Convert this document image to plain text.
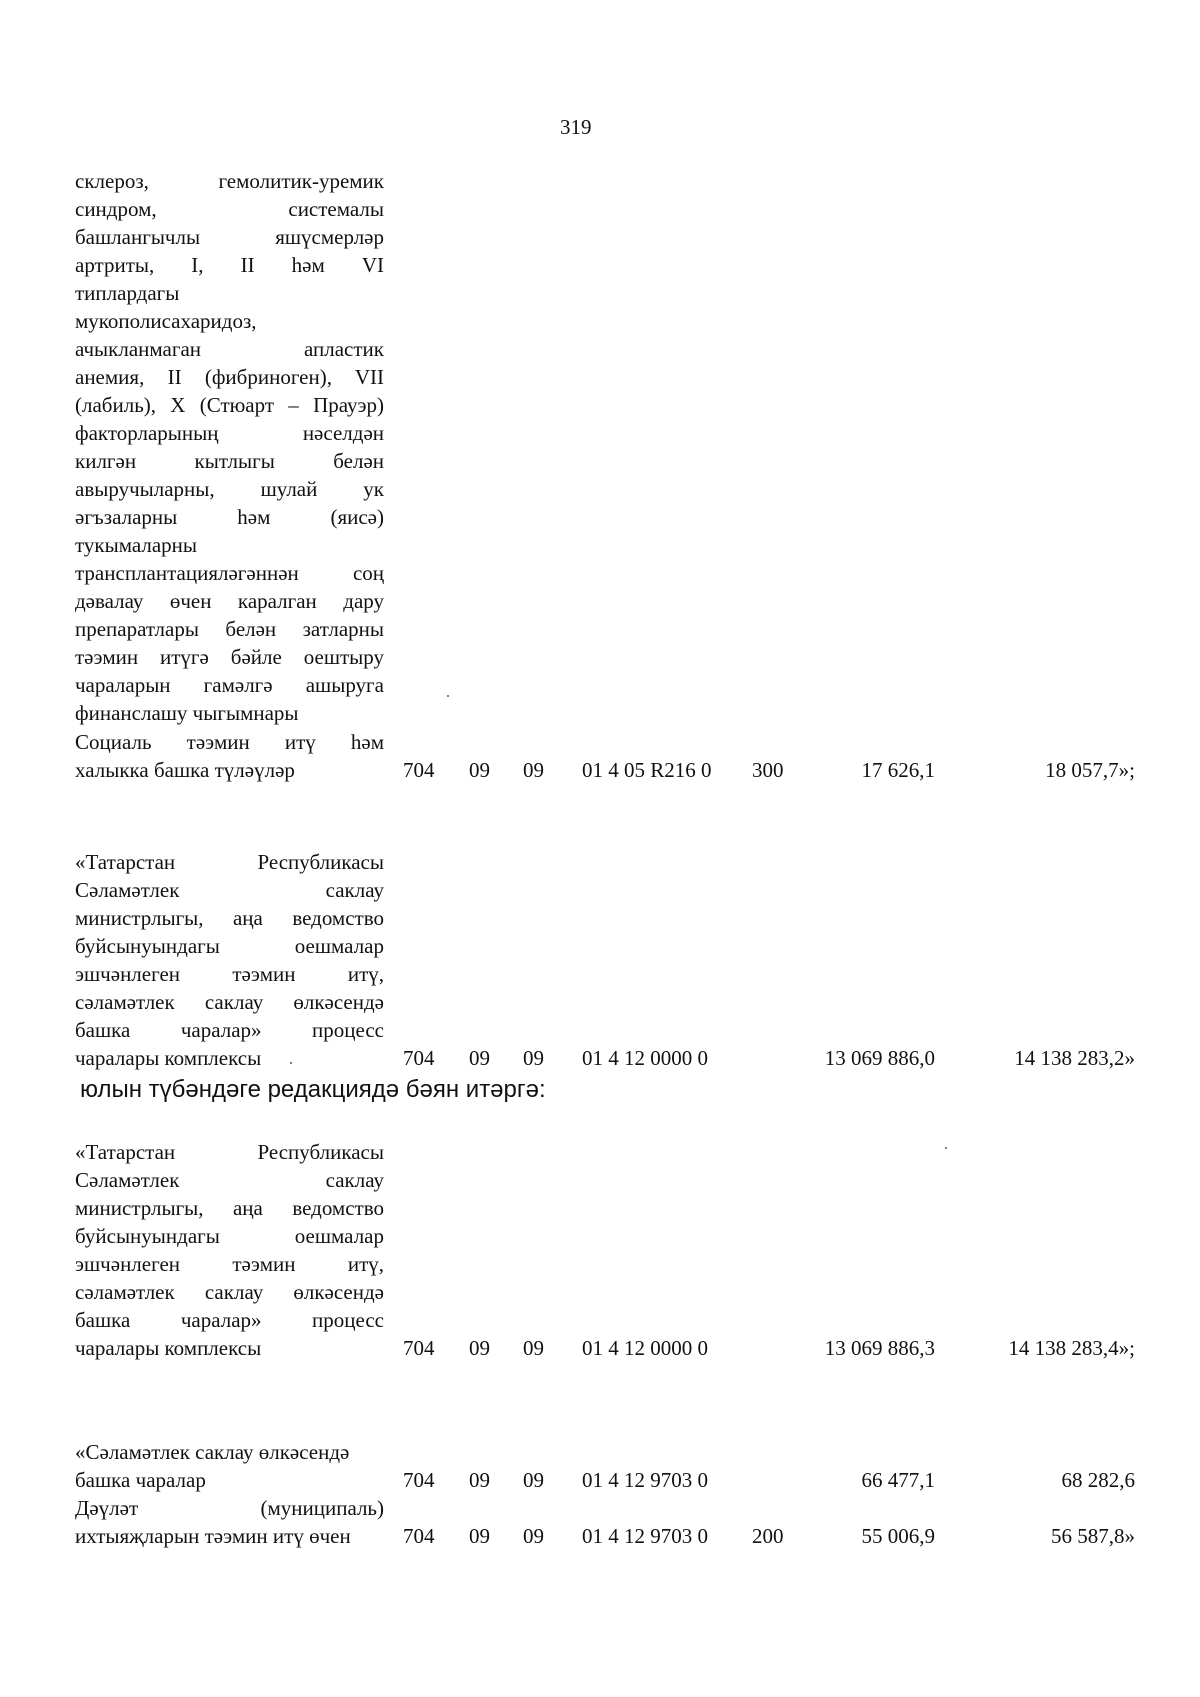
319
склероз, гемолитик-уремик
синдром, системалы
башлангычлы яшүсмерләр
артриты, I, II һәм VI
типлардагы
мукополисахаридоз,
ачыкланмаган апластик
анемия, II (фибриноген), VII
(лабиль), X (Стюарт – Прауэр)
факторларының нәселдән
килгән кытлыгы белән
авыручыларны, шулай ук
әгъзаларны һәм (яисә)
тукымаларны
трансплантацияләгәннән соң
дәвалау өчен каралган дару
препаратлары белән затларны
тәэмин итүгә бәйле оештыру
чараларын гамәлгә ашыруга
финанслашу чыгымнары
Социаль тәэмин итү һәм
халыкка башка түләүләр	704 09 09 01 4 05 R216 0 300	17 626,1	18 057,7»;
«Татарстан Республикасы
Сәламәтлек саклау
министрлыгы, аңа ведомство
буйсынуындагы оешмалар
эшчәнлеген тәэмин итү,
сәламәтлек саклау өлкәсендә
башка чаралар» процесс
чаралары комплексы	704 09 09 01 4 12 0000 0	13 069 886,0	14 138 283,2»
юлын түбәндәге редакциядә бәян итәргә:
«Татарстан Республикасы
Сәламәтлек саклау
министрлыгы, аңа ведомство
буйсынуындагы оешмалар
эшчәнлеген тәэмин итү,
сәламәтлек саклау өлкәсендә
башка чаралар» процесс
чаралары комплексы	704 09 09 01 4 12 0000 0	13 069 886,3	14 138 283,4»;
«Сәламәтлек саклау өлкәсендә
башка чаралар	704 09 09 01 4 12 9703 0	66 477,1	68 282,6
Дәүләт (муниципаль)
ихтыяҗларын тәэмин итү өчен	704 09 09 01 4 12 9703 0 200	55 006,9	56 587,8»
